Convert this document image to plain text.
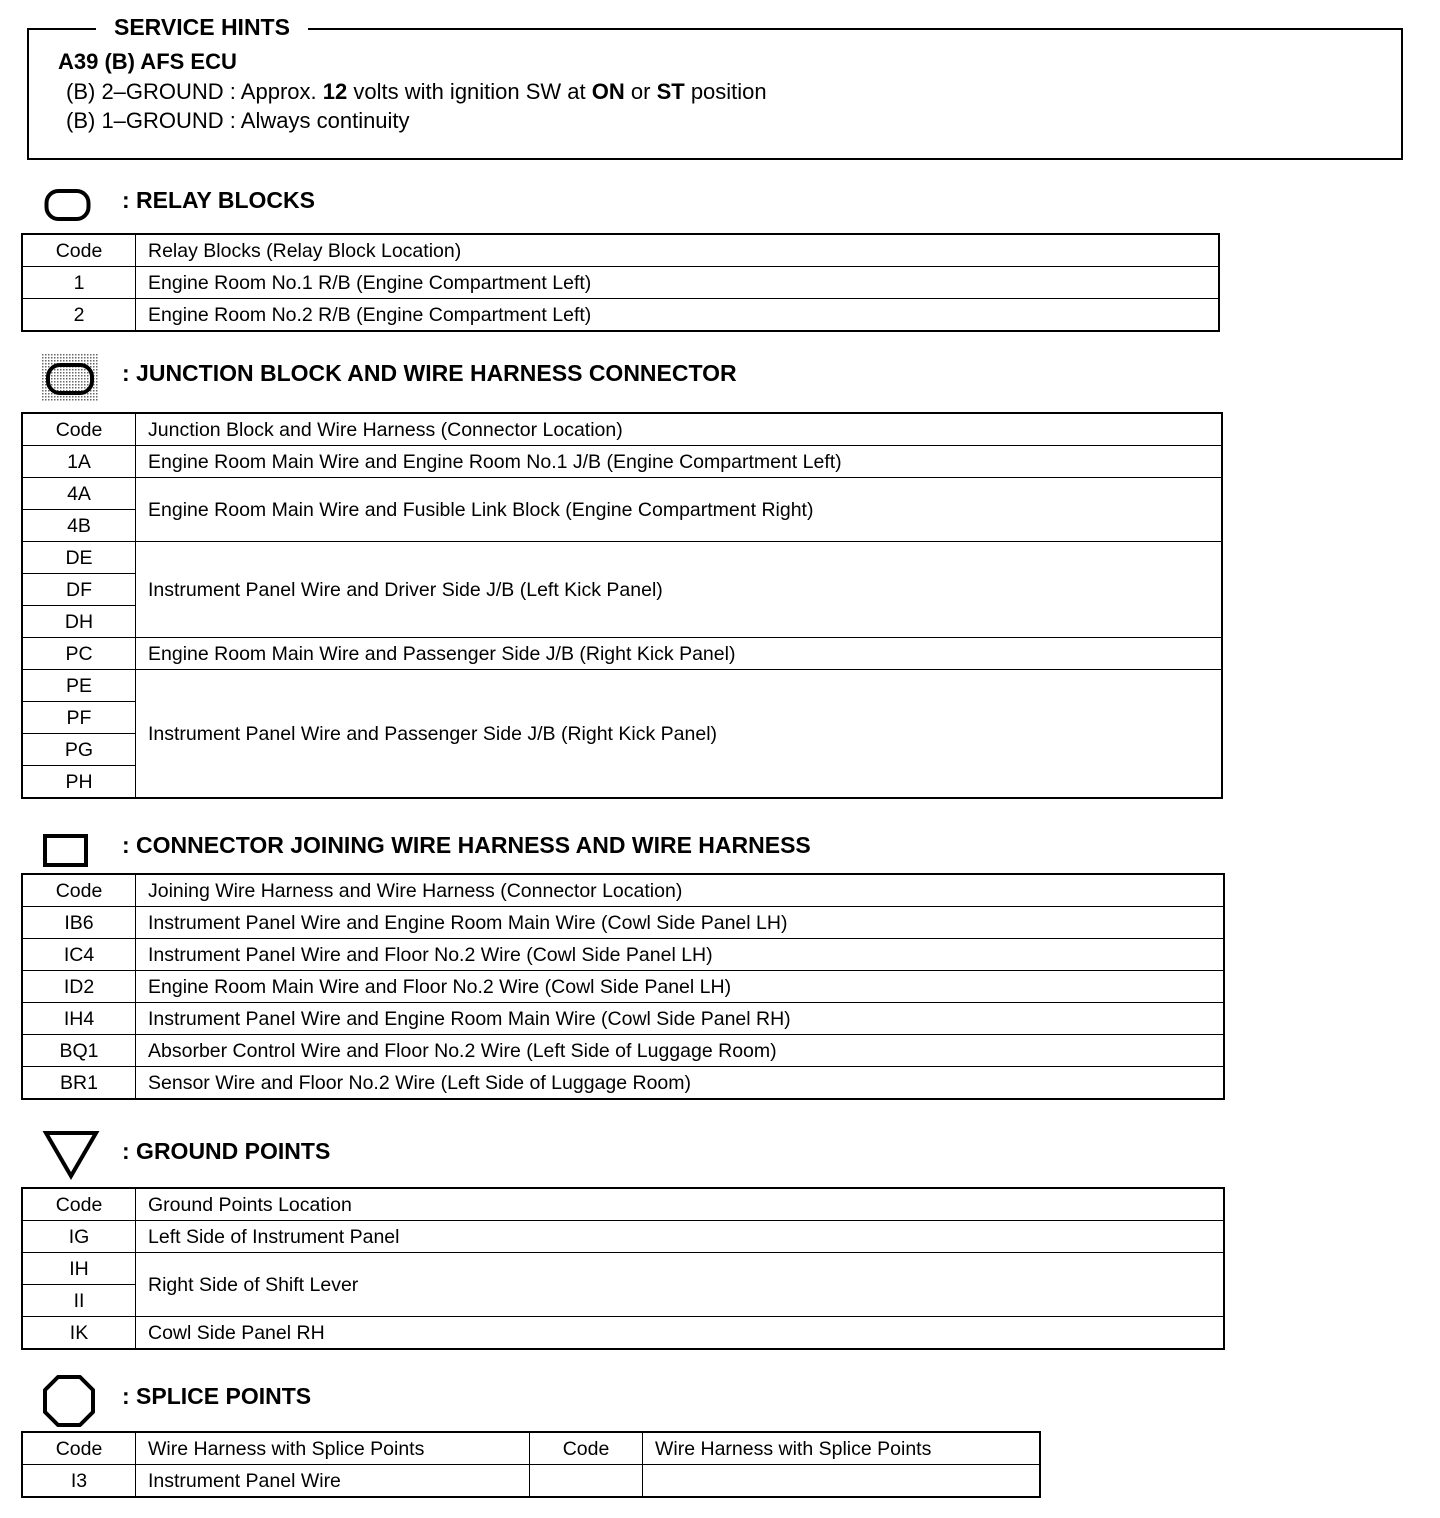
SERVICE HINTS
A39 (B) AFS ECU
(B) 2–GROUND : Approx. 12 volts with ignition SW at ON or ST position
(B) 1–GROUND : Always continuity
: RELAY BLOCKS
Code	Relay Blocks (Relay Block Location)
1	Engine Room No.1 R/B (Engine Compartment Left)
2	Engine Room No.2 R/B (Engine Compartment Left)
: JUNCTION BLOCK AND WIRE HARNESS CONNECTOR
Code	Junction Block and Wire Harness (Connector Location)
1A	Engine Room Main Wire and Engine Room No.1 J/B (Engine Compartment Left)
4A	Engine Room Main Wire and Fusible Link Block (Engine Compartment Right)
4B	
DE	Instrument Panel Wire and Driver Side J/B (Left Kick Panel)
DF	
DH	
PC	Engine Room Main Wire and Passenger Side J/B (Right Kick Panel)
PE	Instrument Panel Wire and Passenger Side J/B (Right Kick Panel)
PF	
PG	
PH	
: CONNECTOR JOINING WIRE HARNESS AND WIRE HARNESS
Code	Joining Wire Harness and Wire Harness (Connector Location)
IB6	Instrument Panel Wire and Engine Room Main Wire (Cowl Side Panel LH)
IC4	Instrument Panel Wire and Floor No.2 Wire (Cowl Side Panel LH)
ID2	Engine Room Main Wire and Floor No.2 Wire (Cowl Side Panel LH)
IH4	Instrument Panel Wire and Engine Room Main Wire (Cowl Side Panel RH)
BQ1	Absorber Control Wire and Floor No.2 Wire (Left Side of Luggage Room)
BR1	Sensor Wire and Floor No.2 Wire (Left Side of Luggage Room)
: GROUND POINTS
Code	Ground Points Location
IG	Left Side of Instrument Panel
IH	Right Side of Shift Lever
II	
IK	Cowl Side Panel RH
: SPLICE POINTS
Code	Wire Harness with Splice Points	Code	Wire Harness with Splice Points
I3	Instrument Panel Wire		
